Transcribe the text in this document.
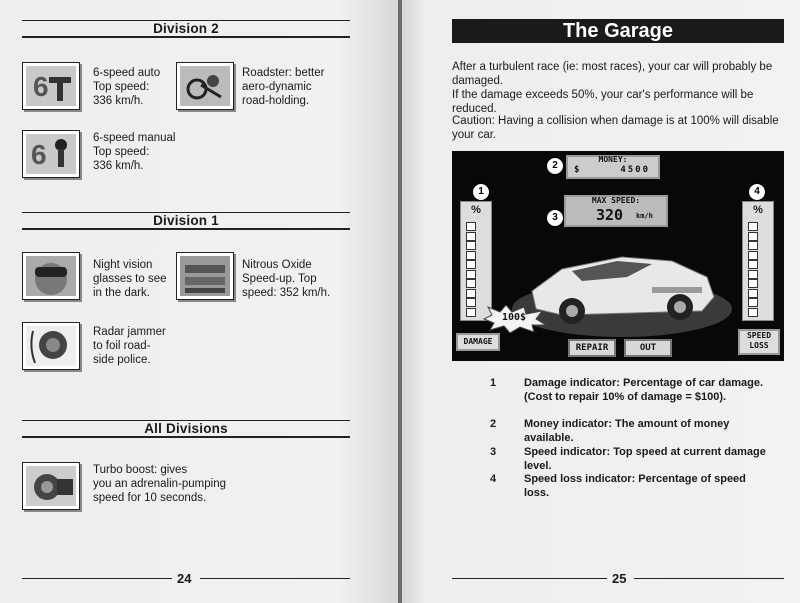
Division 2
6	6-speed auto
Top speed:
336 km/h.
Roadster: better
aero-dynamic
road-holding.
6
6-speed manual
Top speed:
336 km/h.
Division 1
Night vision
glasses to see
in the dark.
Nitrous Oxide
Speed-up. Top
speed: 352 km/h.
Radar jammer
to foil road-
side police.
All Divisions
Turbo boost: gives
you an adrenalin-pumping
speed for 10 seconds.
24
The Garage
After a turbulent race (ie: most races), your car will probably be damaged.
If the damage exceeds 50%, your car's performance will be reduced.
Caution: Having a collision when damage is at 100% will disable your car.
MONEY:
$	4500
2
MAX SPEED:
320 km/h
3
1
%
DAMAGE
4
%
SPEED
LOSS
100$
REPAIR	OUT
1	Damage indicator: Percentage of car damage.
(Cost to repair 10% of damage = $100).
2	Money indicator: The amount of money available.
3	Speed indicator: Top speed at current damage level.
4	Speed loss indicator: Percentage of speed loss.
25
